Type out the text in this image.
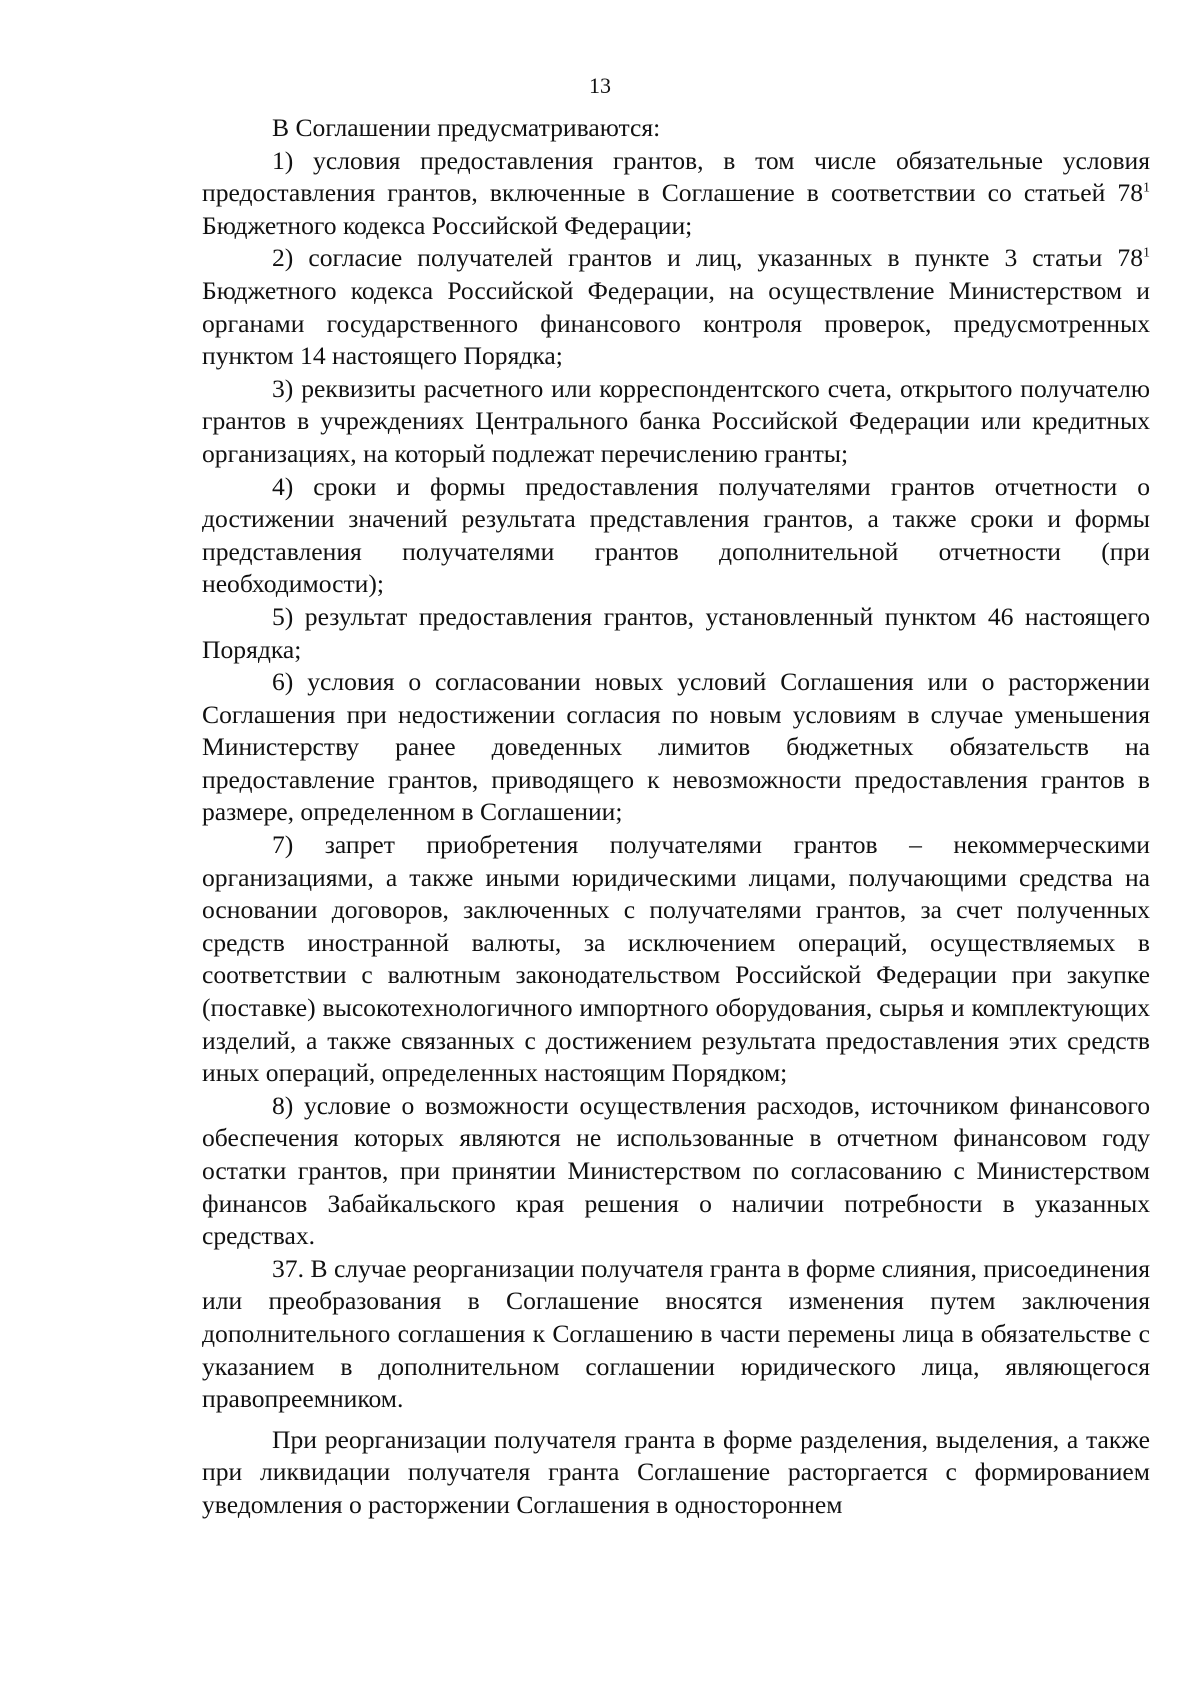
13

В Соглашении предусматриваются:

1) условия предоставления грантов, в том числе обязательные условия предоставления грантов, включенные в Соглашение в соответствии со статьей $78^1$ Бюджетного кодекса Российской Федерации;

2) согласие получателей грантов и лиц, указанных в пункте 3 статьи $78^1$ Бюджетного кодекса Российской Федерации, на осуществление Министерством и органами государственного финансового контроля проверок, предусмотренных пунктом 14 настоящего Порядка;

3) реквизиты расчетного или корреспондентского счета, открытого получателю грантов в учреждениях Центрального банка Российской Федерации или кредитных организациях, на который подлежат перечислению гранты;

4) сроки и формы предоставления получателями грантов отчетности о достижении значений результата представления грантов, а также сроки и формы представления получателями грантов дополнительной отчетности (при необходимости);

5) результат предоставления грантов, установленный пунктом 46 настоящего Порядка;

6) условия о согласовании новых условий Соглашения или о расторжении Соглашения при недостижении согласия по новым условиям в случае уменьшения Министерству ранее доведенных лимитов бюджетных обязательств на предоставление грантов, приводящего к невозможности предоставления грантов в размере, определенном в Соглашении;

7) запрет приобретения получателями грантов – некоммерческими организациями, а также иными юридическими лицами, получающими средства на основании договоров, заключенных с получателями грантов, за счет полученных средств иностранной валюты, за исключением операций, осуществляемых в соответствии с валютным законодательством Российской Федерации при закупке (поставке) высокотехнологичного импортного оборудования, сырья и комплектующих изделий, а также связанных с достижением результата предоставления этих средств иных операций, определенных настоящим Порядком;

8) условие о возможности осуществления расходов, источником финансового обеспечения которых являются не использованные в отчетном финансовом году остатки грантов, при принятии Министерством по согласованию с Министерством финансов Забайкальского края решения о наличии потребности в указанных средствах.

37. В случае реорганизации получателя гранта в форме слияния, присоединения или преобразования в Соглашение вносятся изменения путем заключения дополнительного соглашения к Соглашению в части перемены лица в обязательстве с указанием в дополнительном соглашении юридического лица, являющегося правопреемником.

При реорганизации получателя гранта в форме разделения, выделения, а также при ликвидации получателя гранта Соглашение расторгается с формированием уведомления о расторжении Соглашения в одностороннем
